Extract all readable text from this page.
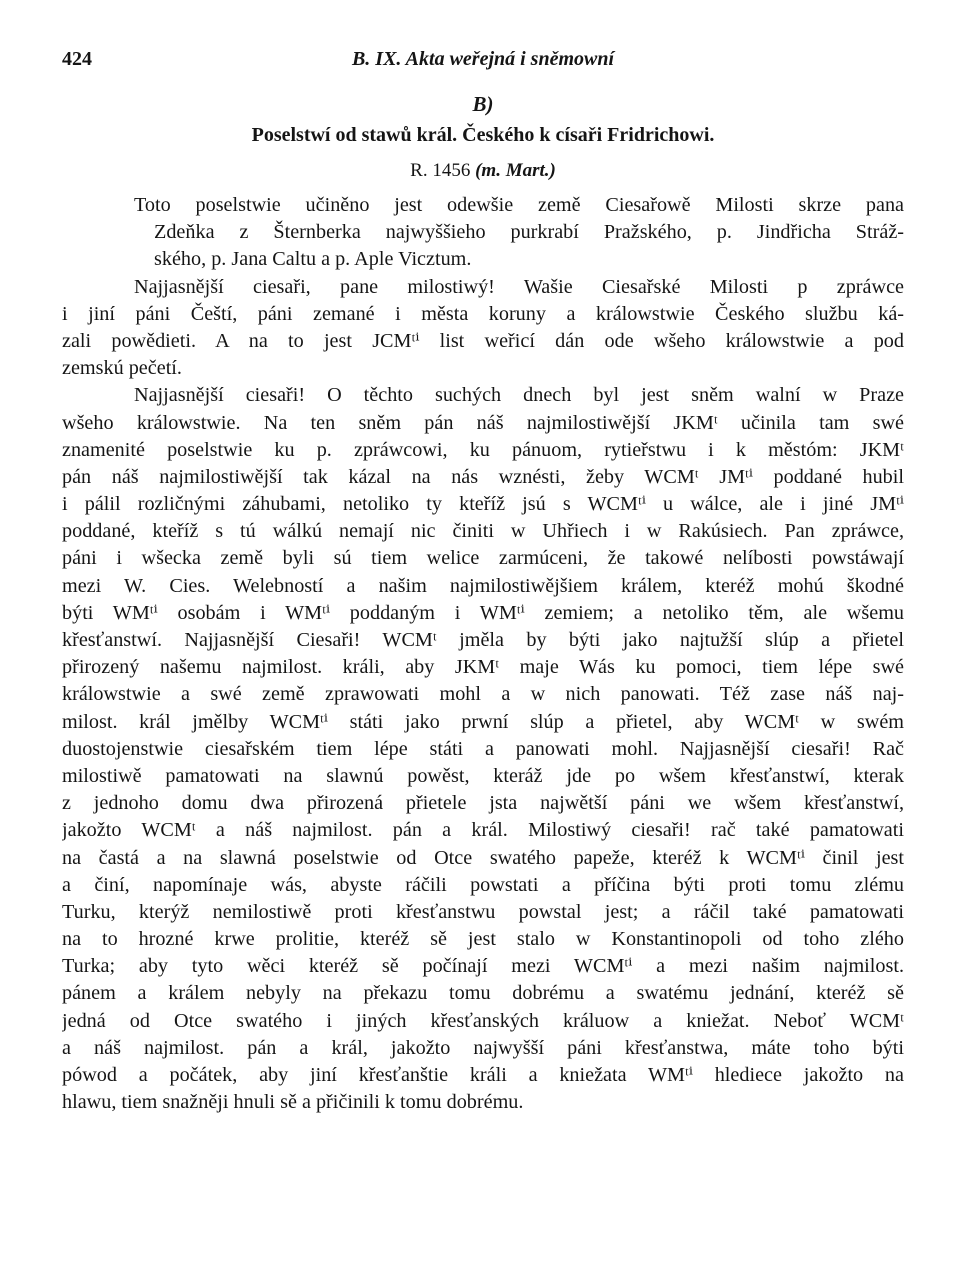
424	B. IX. Akta weřejná i sněmowní
B)
Poselstwí od stawů král. Českého k císaři Fridrichowi.
R. 1456 (m. Mart.)
Toto poselstwie učiněno jest odewšie země Ciesařowě Milosti skrze pana
Zdeňka z Šternberka najwyššieho purkrabí Pražského, p. Jindřicha Stráž-
ského, p. Jana Caltu a p. Aple Vicztum.
Najjasnější ciesaři, pane milostiwý! Wašie Ciesařské Milosti p zpráwce
i jiní páni Čeští, páni zemané i města koruny a králowstwie Českého službu ká-
zali powědieti. A na to jest JCMᵗⁱ list weřicí dán ode wšeho králowstwie a pod
zemskú pečetí.
Najjasnější ciesaři! O těchto suchých dnech byl jest sněm walní w Praze
wšeho králowstwie. Na ten sněm pán náš najmilostiwější JKMᵗ učinila tam swé
znamenité poselstwie ku p. zpráwcowi, ku pánuom, rytieřstwu i k městóm: JKMᵗ
pán náš najmilostiwější tak kázal na nás wznésti, žeby WCMᵗ JMᵗⁱ poddané hubil
i pálil rozličnými záhubami, netoliko ty kteříž jsú s WCMᵗⁱ u wálce, ale i jiné JMᵗⁱ
poddané, kteříž s tú wálkú nemají nic činiti w Uhřiech i w Rakúsiech. Pan zpráwce,
páni i wšecka země byli sú tiem welice zarmúceni, že takowé nelíbosti powstáwají
mezi W. Cies. Welebností a našim najmilostiwějšiem králem, kteréž mohú škodné
býti WMᵗⁱ osobám i WMᵗⁱ poddaným i WMᵗⁱ zemiem; a netoliko těm, ale wšemu
křesťanstwí. Najjasnější Ciesaři! WCMᵗ jměla by býti jako najtužší slúp a přietel
přirozený našemu najmilost. králi, aby JKMᵗ maje Wás ku pomoci, tiem lépe swé
králowstwie a swé země zprawowati mohl a w nich panowati. Též zase náš naj-
milost. král jmělby WCMᵗⁱ státi jako prwní slúp a přietel, aby WCMᵗ w swém
duostojenstwie ciesařském tiem lépe státi a panowati mohl. Najjasnější ciesaři! Rač
milostiwě pamatowati na slawnú powěst, kteráž jde po wšem křesťanstwí, kterak
z jednoho domu dwa přirozená přietele jsta najwětší páni we wšem křesťanstwí,
jakožto WCMᵗ a náš najmilost. pán a král. Milostiwý ciesaři! rač také pamatowati
na častá a na slawná poselstwie od Otce swatého papeže, kteréž k WCMᵗⁱ činil jest
a činí, napomínaje wás, abyste ráčili powstati a příčina býti proti tomu zlému
Turku, kterýž nemilostiwě proti křesťanstwu powstal jest; a ráčil také pamatowati
na to hrozné krwe prolitie, kteréž sě jest stalo w Konstantinopoli od toho zlého
Turka; aby tyto wěci kteréž sě počínají mezi WCMᵗⁱ a mezi našim najmilost.
pánem a králem nebyly na překazu tomu dobrému a swatému jednání, kteréž sě
jedná od Otce swatého i jiných křesťanských králuow a kniežat. Neboť WCMᵗ
a náš najmilost. pán a král, jakožto najwyšší páni křesťanstwa, máte toho býti
pówod a počátek, aby jiní křesťanštie králi a kniežata WMᵗⁱ hlediece jakožto na
hlawu, tiem snažněji hnuli sě a přičinili k tomu dobrému.
